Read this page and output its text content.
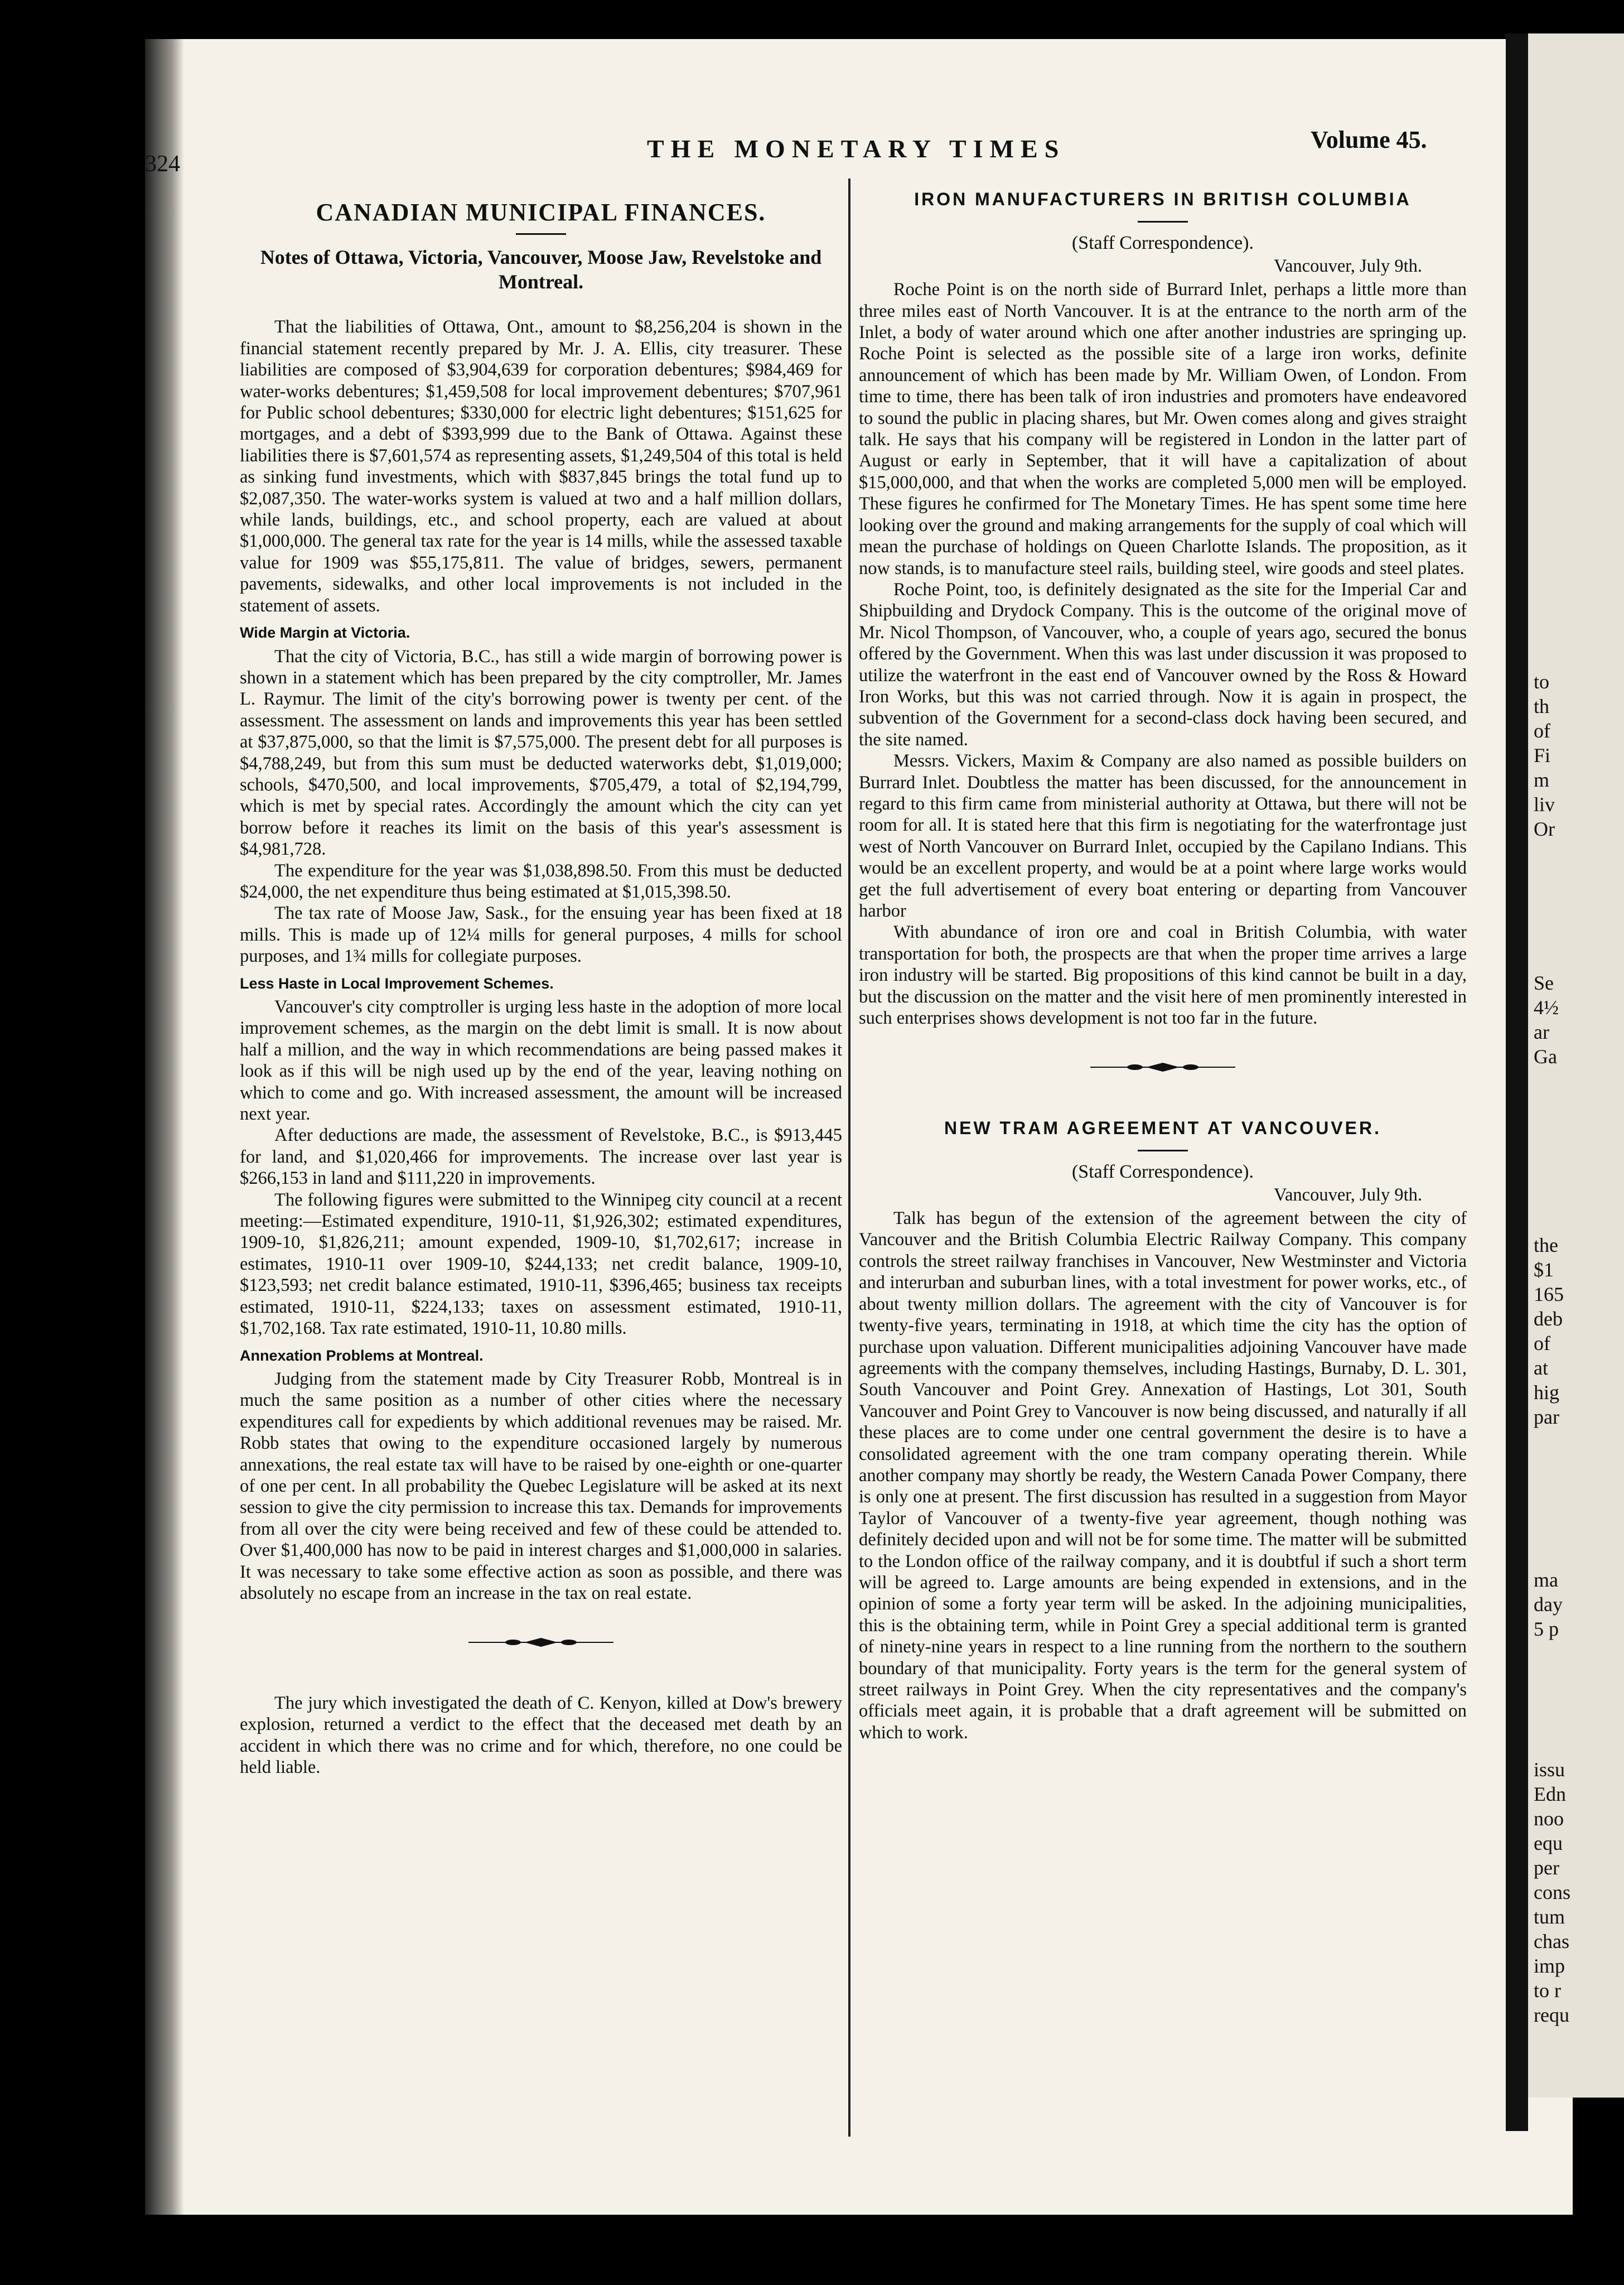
to
th
of
Fi
m
liv
Or
Se
4½
ar
Ga
the
$1
165
deb
of
at
hig
par
ma
day
5 p
issu
Edn
noo
equ
per
cons
tum
chas
imp
to r
requ
324
THE MONETARY TIMES	Volume 45.
CANADIAN MUNICIPAL FINANCES.
Notes of Ottawa, Victoria, Vancouver, Moose Jaw, Revelstoke and Montreal.

That the liabilities of Ottawa, Ont., amount to $8,256,204 is shown in the financial statement recently prepared by Mr. J. A. Ellis, city treasurer. These liabilities are composed of $3,904,639 for corporation debentures; $984,469 for water-works debentures; $1,459,508 for local improvement debentures; $707,961 for Public school debentures; $330,000 for electric light debentures; $151,625 for mortgages, and a debt of $393,999 due to the Bank of Ottawa. Against these liabilities there is $7,601,574 as representing assets, $1,249,504 of this total is held as sinking fund investments, which with $837,845 brings the total fund up to $2,087,350. The water-works system is valued at two and a half million dollars, while lands, buildings, etc., and school property, each are valued at about $1,000,000. The general tax rate for the year is 14 mills, while the assessed taxable value for 1909 was $55,175,811. The value of bridges, sewers, permanent pavements, sidewalks, and other local improvements is not included in the statement of assets.

Wide Margin at Victoria.

That the city of Victoria, B.C., has still a wide margin of borrowing power is shown in a statement which has been prepared by the city comptroller, Mr. James L. Raymur. The limit of the city's borrowing power is twenty per cent. of the assessment. The assessment on lands and improvements this year has been settled at $37,875,000, so that the limit is $7,575,000. The present debt for all purposes is $4,788,249, but from this sum must be deducted waterworks debt, $1,019,000; schools, $470,500, and local improvements, $705,479, a total of $2,194,799, which is met by special rates. Accordingly the amount which the city can yet borrow before it reaches its limit on the basis of this year's assessment is $4,981,728.

The expenditure for the year was $1,038,898.50. From this must be deducted $24,000, the net expenditure thus being estimated at $1,015,398.50.

The tax rate of Moose Jaw, Sask., for the ensuing year has been fixed at 18 mills. This is made up of 12¼ mills for general purposes, 4 mills for school purposes, and 1¾ mills for collegiate purposes.

Less Haste in Local Improvement Schemes.

Vancouver's city comptroller is urging less haste in the adoption of more local improvement schemes, as the margin on the debt limit is small. It is now about half a million, and the way in which recommendations are being passed makes it look as if this will be nigh used up by the end of the year, leaving nothing on which to come and go. With increased assessment, the amount will be increased next year.

After deductions are made, the assessment of Revelstoke, B.C., is $913,445 for land, and $1,020,466 for improvements. The increase over last year is $266,153 in land and $111,220 in improvements.

The following figures were submitted to the Winnipeg city council at a recent meeting:—Estimated expenditure, 1910-11, $1,926,302; estimated expenditures, 1909-10, $1,826,211; amount expended, 1909-10, $1,702,617; increase in estimates, 1910-11 over 1909-10, $244,133; net credit balance, 1909-10, $123,593; net credit balance estimated, 1910-11, $396,465; business tax receipts estimated, 1910-11, $224,133; taxes on assessment estimated, 1910-11, $1,702,168. Tax rate estimated, 1910-11, 10.80 mills.

Annexation Problems at Montreal.

Judging from the statement made by City Treasurer Robb, Montreal is in much the same position as a number of other cities where the necessary expenditures call for expedients by which additional revenues may be raised. Mr. Robb states that owing to the expenditure occasioned largely by numerous annexations, the real estate tax will have to be raised by one-eighth or one-quarter of one per cent. In all probability the Quebec Legislature will be asked at its next session to give the city permission to increase this tax. Demands for improvements from all over the city were being received and few of these could be attended to. Over $1,400,000 has now to be paid in interest charges and $1,000,000 in salaries. It was necessary to take some effective action as soon as possible, and there was absolutely no escape from an increase in the tax on real estate.

The jury which investigated the death of C. Kenyon, killed at Dow's brewery explosion, returned a verdict to the effect that the deceased met death by an accident in which there was no crime and for which, therefore, no one could be held liable.

IRON MANUFACTURERS IN BRITISH COLUMBIA
(Staff Correspondence).
Vancouver, July 9th.

Roche Point is on the north side of Burrard Inlet, perhaps a little more than three miles east of North Vancouver. It is at the entrance to the north arm of the Inlet, a body of water around which one after another industries are springing up. Roche Point is selected as the possible site of a large iron works, definite announcement of which has been made by Mr. William Owen, of London. From time to time, there has been talk of iron industries and promoters have endeavored to sound the public in placing shares, but Mr. Owen comes along and gives straight talk. He says that his company will be registered in London in the latter part of August or early in September, that it will have a capitalization of about $15,000,000, and that when the works are completed 5,000 men will be employed. These figures he confirmed for The Monetary Times. He has spent some time here looking over the ground and making arrangements for the supply of coal which will mean the purchase of holdings on Queen Charlotte Islands. The proposition, as it now stands, is to manufacture steel rails, building steel, wire goods and steel plates.

Roche Point, too, is definitely designated as the site for the Imperial Car and Shipbuilding and Drydock Company. This is the outcome of the original move of Mr. Nicol Thompson, of Vancouver, who, a couple of years ago, secured the bonus offered by the Government. When this was last under discussion it was proposed to utilize the waterfront in the east end of Vancouver owned by the Ross & Howard Iron Works, but this was not carried through. Now it is again in prospect, the subvention of the Government for a second-class dock having been secured, and the site named.

Messrs. Vickers, Maxim & Company are also named as possible builders on Burrard Inlet. Doubtless the matter has been discussed, for the announcement in regard to this firm came from ministerial authority at Ottawa, but there will not be room for all. It is stated here that this firm is negotiating for the waterfrontage just west of North Vancouver on Burrard Inlet, occupied by the Capilano Indians. This would be an excellent property, and would be at a point where large works would get the full advertisement of every boat entering or departing from Vancouver harbor

With abundance of iron ore and coal in British Columbia, with water transportation for both, the prospects are that when the proper time arrives a large iron industry will be started. Big propositions of this kind cannot be built in a day, but the discussion on the matter and the visit here of men prominently interested in such enterprises shows development is not too far in the future.

NEW TRAM AGREEMENT AT VANCOUVER.
(Staff Correspondence).
Vancouver, July 9th.

Talk has begun of the extension of the agreement between the city of Vancouver and the British Columbia Electric Railway Company. This company controls the street railway franchises in Vancouver, New Westminster and Victoria and interurban and suburban lines, with a total investment for power works, etc., of about twenty million dollars. The agreement with the city of Vancouver is for twenty-five years, terminating in 1918, at which time the city has the option of purchase upon valuation. Different municipalities adjoining Vancouver have made agreements with the company themselves, including Hastings, Burnaby, D. L. 301, South Vancouver and Point Grey. Annexation of Hastings, Lot 301, South Vancouver and Point Grey to Vancouver is now being discussed, and naturally if all these places are to come under one central government the desire is to have a consolidated agreement with the one tram company operating therein. While another company may shortly be ready, the Western Canada Power Company, there is only one at present. The first discussion has resulted in a suggestion from Mayor Taylor of Vancouver of a twenty-five year agreement, though nothing was definitely decided upon and will not be for some time. The matter will be submitted to the London office of the railway company, and it is doubtful if such a short term will be agreed to. Large amounts are being expended in extensions, and in the opinion of some a forty year term will be asked. In the adjoining municipalities, this is the obtaining term, while in Point Grey a special additional term is granted of ninety-nine years in respect to a line running from the northern to the southern boundary of that municipality. Forty years is the term for the general system of street railways in Point Grey. When the city representatives and the company's officials meet again, it is probable that a draft agreement will be submitted on which to work.
